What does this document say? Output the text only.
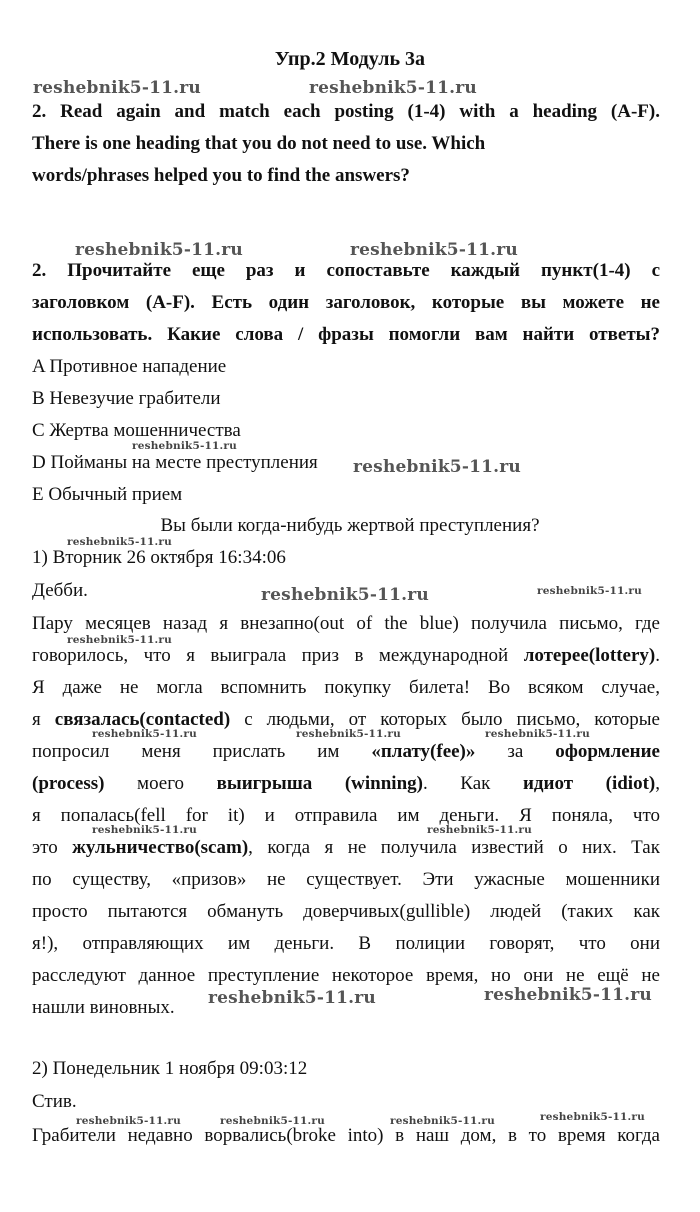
Упр.2 Модуль 3а
2. Read again and match each posting (1-4) with a heading (A-F).
There is one heading that you do not need to use. Which
words/phrases helped you to find the answers?
2. Прочитайте еще раз и сопоставьте каждый пункт(1-4) с
заголовком (A-F). Есть один заголовок, которые вы можете не
использовать. Какие слова / фразы помогли вам найти ответы?
A Противное нападение
B Невезучие грабители
C Жертва мошенничества
D Пойманы на месте преступления
E Обычный прием
Вы были когда-нибудь жертвой преступления?
1) Вторник 26 октября 16:34:06
Дебби.
Пару месяцев назад я внезапно(out of the blue) получила письмо, где
говорилось, что я выиграла приз в международной лотерее(lottery).
Я даже не могла вспомнить покупку билета! Во всяком случае,
я связалась(contacted) с людьми, от которых было письмо, которые
попросил меня прислать им «плату(fee)» за оформление
(process) моего выигрыша (winning). Как идиот (idiot),
я попалась(fell for it) и отправила им деньги. Я поняла, что
это жульничество(scam), когда я не получила известий о них. Так
по существу, «призов» не существует. Эти ужасные мошенники
просто пытаются обмануть доверчивых(gullible) людей (таких как
я!), отправляющих им деньги. В полиции говорят, что они
расследуют данное преступление некоторое время, но они не ещё не
нашли виновных.
2) Понедельник 1 ноября 09:03:12
Стив.
Грабители недавно ворвались(broke into) в наш дом, в то время когда
reshebnik5-11.ru	reshebnik5-11.ru
reshebnik5-11.ru	reshebnik5-11.ru
reshebnik5-11.ru
reshebnik5-11.ru
reshebnik5-11.ru
reshebnik5-11.ru	reshebnik5-11.ru
reshebnik5-11.ru
reshebnik5-11.ru	reshebnik5-11.ru	reshebnik5-11.ru
reshebnik5-11.ru	reshebnik5-11.ru
reshebnik5-11.ru	reshebnik5-11.ru
reshebnik5-11.ru	reshebnik5-11.ru	reshebnik5-11.ru	reshebnik5-11.ru
